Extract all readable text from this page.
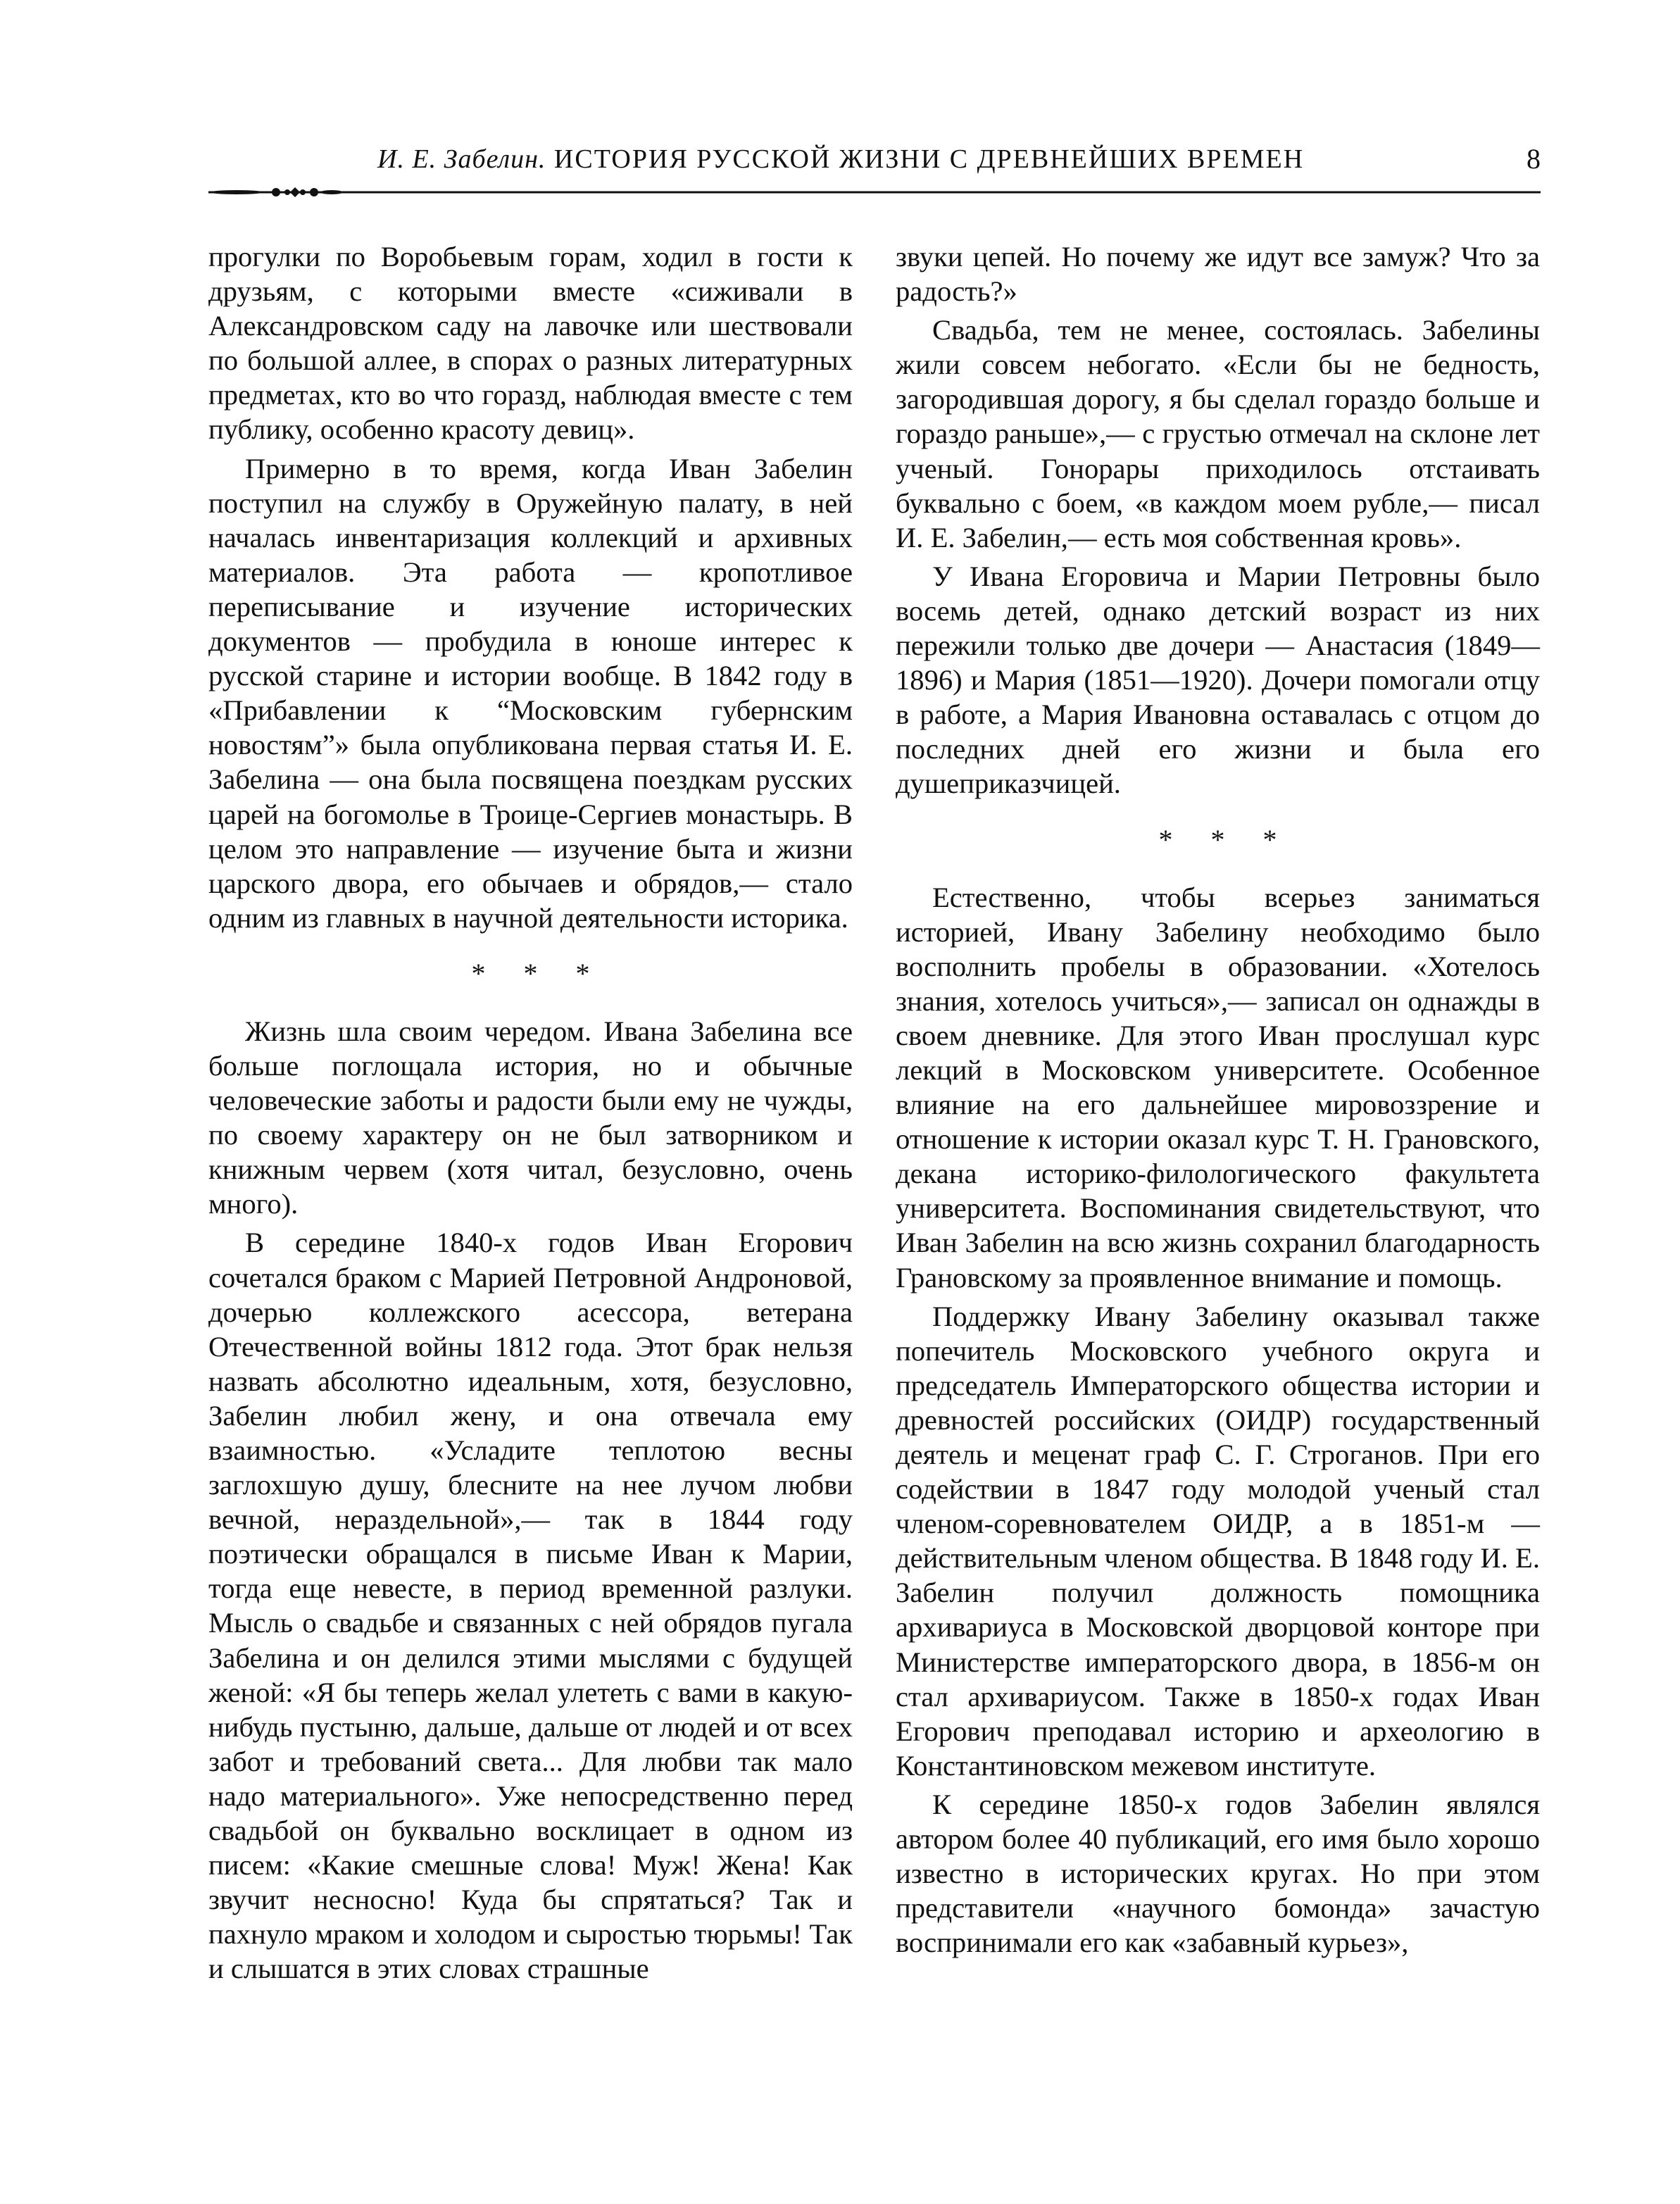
И. Е. Забелин. ИСТОРИЯ РУССКОЙ ЖИЗНИ С ДРЕВНЕЙШИХ ВРЕМЕН	8

прогулки по Воробьевым горам, ходил в гости к друзьям, с которыми вместе «сиживали в Александровском саду на лавочке или шествовали по большой аллее, в спорах о разных литературных предметах, кто во что горазд, наблюдая вместе с тем публику, особенно красоту девиц».

Примерно в то время, когда Иван Забелин поступил на службу в Оружейную палату, в ней началась инвентаризация коллекций и архивных материалов. Эта работа — кропотливое переписывание и изучение исторических документов — пробудила в юноше интерес к русской старине и истории вообще. В 1842 году в «Прибавлении к “Московским губернским новостям”» была опубликована первая статья И. Е. Забелина — она была посвящена поездкам русских царей на богомолье в Троице-Сергиев монастырь. В целом это направление — изучение быта и жизни царского двора, его обычаев и обрядов,— стало одним из главных в научной деятельности историка.

* * *

Жизнь шла своим чередом. Ивана Забелина все больше поглощала история, но и обычные человеческие заботы и радости были ему не чужды, по своему характеру он не был затворником и книжным червем (хотя читал, безусловно, очень много).

В середине 1840-х годов Иван Егорович сочетался браком с Марией Петровной Андроновой, дочерью коллежского асессора, ветерана Отечественной войны 1812 года. Этот брак нельзя назвать абсолютно идеальным, хотя, безусловно, Забелин любил жену, и она отвечала ему взаимностью. «Усладите теплотою весны заглохшую душу, блесните на нее лучом любви вечной, нераздельной»,— так в 1844 году поэтически обращался в письме Иван к Марии, тогда еще невесте, в период временной разлуки. Мысль о свадьбе и связанных с ней обрядов пугала Забелина и он делился этими мыслями с будущей женой: «Я бы теперь желал улететь с вами в какую-нибудь пустыню, дальше, дальше от людей и от всех забот и требований света... Для любви так мало надо материального». Уже непосредственно перед свадьбой он буквально восклицает в одном из писем: «Какие смешные слова! Муж! Жена! Как звучит несносно! Куда бы спрятаться? Так и пахнуло мраком и холодом и сыростью тюрьмы! Так и слышатся в этих словах страшные

звуки цепей. Но почему же идут все замуж? Что за радость?»

Свадьба, тем не менее, состоялась. Забелины жили совсем небогато. «Если бы не бедность, загородившая дорогу, я бы сделал гораздо больше и гораздо раньше»,— с грустью отмечал на склоне лет ученый. Гонорары приходилось отстаивать буквально с боем, «в каждом моем рубле,— писал И. Е. Забелин,— есть моя собственная кровь».

У Ивана Егоровича и Марии Петровны было восемь детей, однако детский возраст из них пережили только две дочери — Анастасия (1849—1896) и Мария (1851—1920). Дочери помогали отцу в работе, а Мария Ивановна оставалась с отцом до последних дней его жизни и была его душеприказчицей.

* * *

Естественно, чтобы всерьез заниматься историей, Ивану Забелину необходимо было восполнить пробелы в образовании. «Хотелось знания, хотелось учиться»,— записал он однажды в своем дневнике. Для этого Иван прослушал курс лекций в Московском университете. Особенное влияние на его дальнейшее мировоззрение и отношение к истории оказал курс Т. Н. Грановского, декана историко-филологического факультета университета. Воспоминания свидетельствуют, что Иван Забелин на всю жизнь сохранил благодарность Грановскому за проявленное внимание и помощь.

Поддержку Ивану Забелину оказывал также попечитель Московского учебного округа и председатель Императорского общества истории и древностей российских (ОИДР) государственный деятель и меценат граф С. Г. Строганов. При его содействии в 1847 году молодой ученый стал членом-соревнователем ОИДР, а в 1851-м — действительным членом общества. В 1848 году И. Е. Забелин получил должность помощника архивариуса в Московской дворцовой конторе при Министерстве императорского двора, в 1856-м он стал архивариусом. Также в 1850-х годах Иван Егорович преподавал историю и археологию в Константиновском межевом институте.

К середине 1850-х годов Забелин являлся автором более 40 публикаций, его имя было хорошо известно в исторических кругах. Но при этом представители «научного бомонда» зачастую воспринимали его как «забавный курьез»,
